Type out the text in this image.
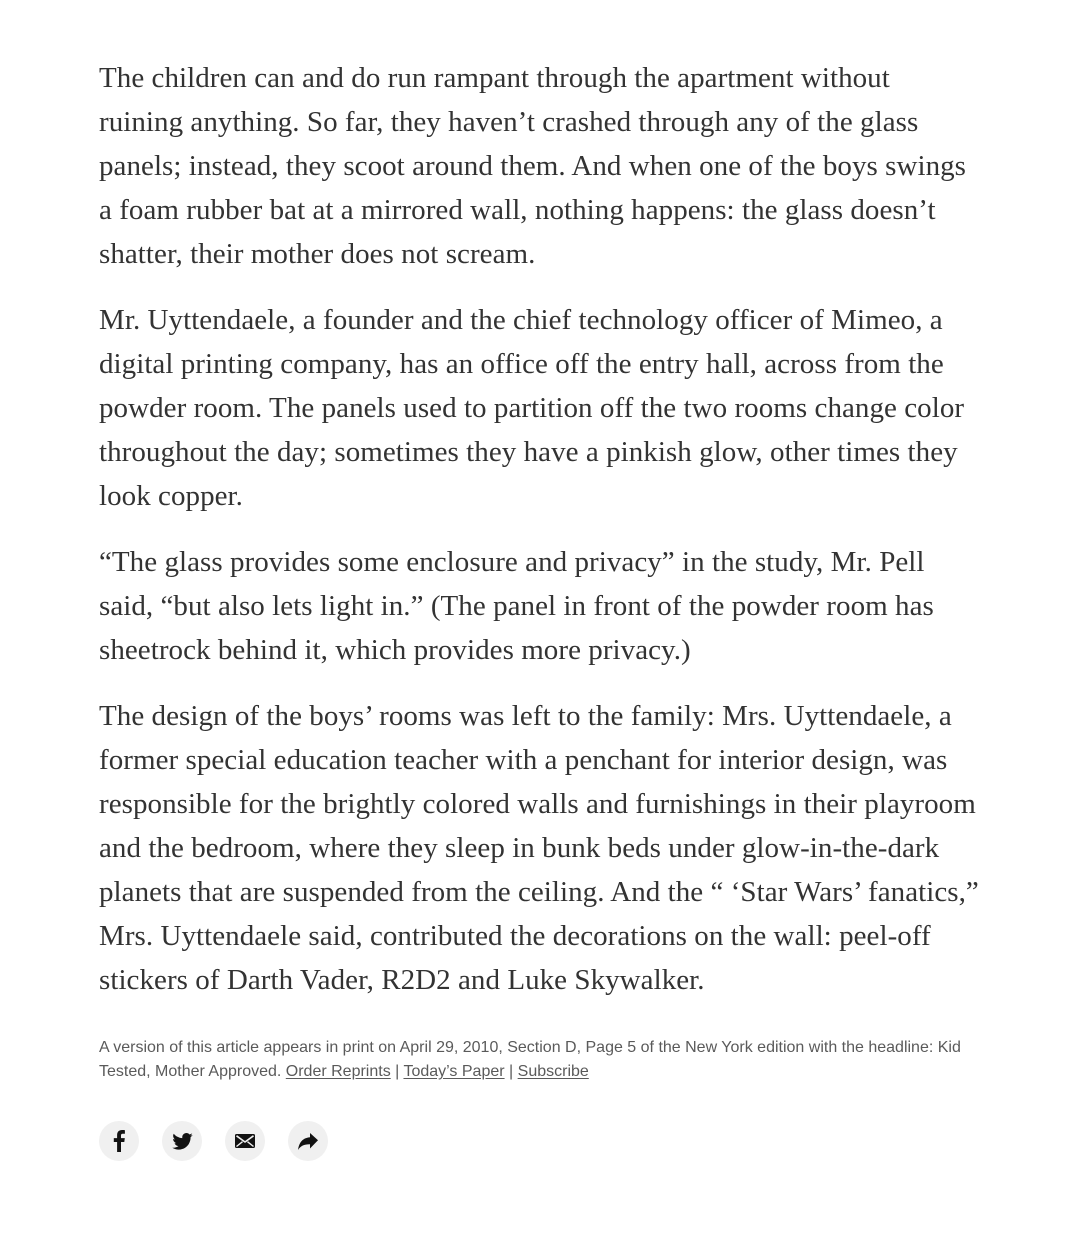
The children can and do run rampant through the apartment without ruining anything. So far, they haven’t crashed through any of the glass panels; instead, they scoot around them. And when one of the boys swings a foam rubber bat at a mirrored wall, nothing happens: the glass doesn’t shatter, their mother does not scream.

Mr. Uyttendaele, a founder and the chief technology officer of Mimeo, a digital printing company, has an office off the entry hall, across from the powder room. The panels used to partition off the two rooms change color throughout the day; sometimes they have a pinkish glow, other times they look copper.

“The glass provides some enclosure and privacy” in the study, Mr. Pell said, “but also lets light in.” (The panel in front of the powder room has sheetrock behind it, which provides more privacy.)

The design of the boys’ rooms was left to the family: Mrs. Uyttendaele, a former special education teacher with a penchant for interior design, was responsible for the brightly colored walls and furnishings in their playroom and the bedroom, where they sleep in bunk beds under glow-in-the-dark planets that are suspended from the ceiling. And the “ ‘Star Wars’ fanatics,” Mrs. Uyttendaele said, contributed the decorations on the wall: peel-off stickers of Darth Vader, R2D2 and Luke Skywalker.

A version of this article appears in print on April 29, 2010, Section D, Page 5 of the New York edition with the headline: Kid Tested, Mother Approved. Order Reprints | Today’s Paper | Subscribe
